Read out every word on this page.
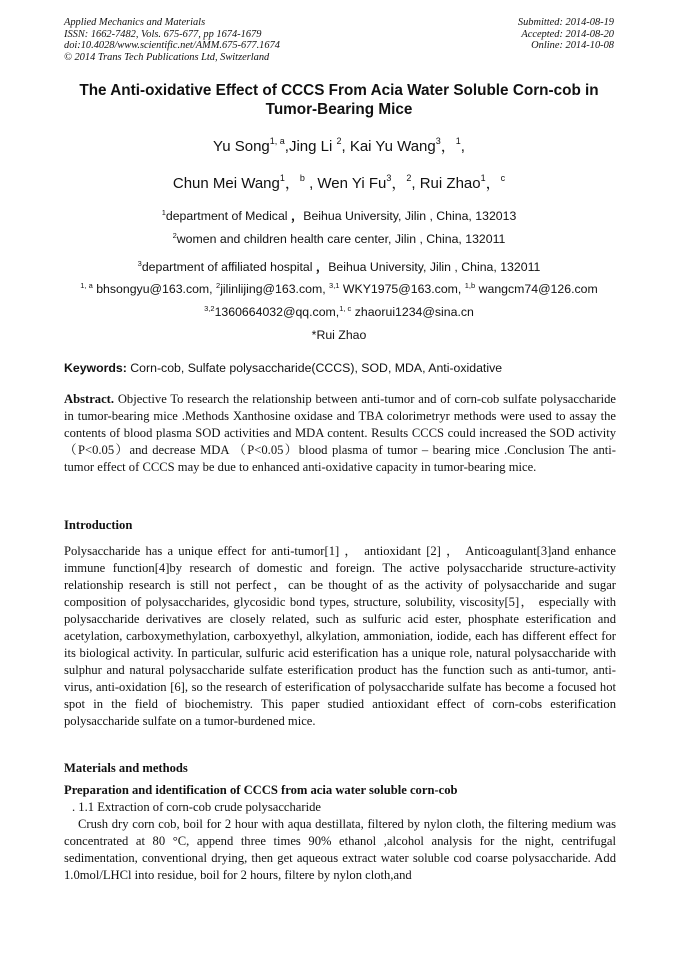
Applied Mechanics and Materials
ISSN: 1662-7482, Vols. 675-677, pp 1674-1679
doi:10.4028/www.scientific.net/AMM.675-677.1674
© 2014 Trans Tech Publications Ltd, Switzerland
Submitted: 2014-08-19
Accepted: 2014-08-20
Online: 2014-10-08
The Anti-oxidative Effect of CCCS From Acia Water Soluble Corn-cob in Tumor-Bearing Mice
Yu Song$^{1, a}$,Jing Li $^2$, Kai Yu Wang$^3$，$^1$,
Chun Mei Wang$^1$，$^b$ , Wen Yi Fu$^3$，$^2$, Rui Zhao$^1$，$^c$
$^1$department of Medical ，Beihua University, Jilin , China, 132013
$^2$women and children health care center, Jilin , China, 132011
$^3$department of affiliated hospital ，Beihua University, Jilin , China, 132011
$^{1, a}$ bhsongyu@163.com, $^2$jilinlijing@163.com, $^{3,1}$ WKY1975@163.com, $^{1,b}$ wangcm74@126.com
$^{3,2}$1360664032@qq.com,$^{1, c}$ zhaorui1234@sina.cn
*Rui Zhao
Keywords: Corn-cob, Sulfate polysaccharide(CCCS), SOD, MDA, Anti-oxidative
Abstract. Objective To research the relationship between anti-tumor and of corn-cob sulfate polysaccharide in tumor-bearing mice .Methods Xanthosine oxidase and TBA colorimetryr methods were used to assay the contents of blood plasma SOD activities and MDA content. Results CCCS could increased the SOD activity （P<0.05）and decrease MDA （P<0.05）blood plasma of tumor – bearing mice .Conclusion The anti-tumor effect of CCCS may be due to enhanced anti-oxidative capacity in tumor-bearing mice.
Introduction
Polysaccharide has a unique effect for anti-tumor[1] ， antioxidant [2] ， Anticoagulant[3]and enhance immune function[4]by research of domestic and foreign. The active polysaccharide structure-activity relationship research is still not perfect，can be thought of as the activity of polysaccharide and sugar composition of polysaccharides, glycosidic bond types, structure, solubility, viscosity[5]， especially with polysaccharide derivatives are closely related, such as sulfuric acid ester, phosphate esterification and acetylation, carboxymethylation, carboxyethyl, alkylation, ammoniation, iodide, each has different effect for its biological activity. In particular, sulfuric acid esterification has a unique role, natural polysaccharide with sulphur and natural polysaccharide sulfate esterification product has the function such as anti-tumor, anti-virus, anti-oxidation [6], so the research of esterification of polysaccharide sulfate has become a focused hot spot in the field of biochemistry. This paper studied antioxidant effect of corn-cobs esterification polysaccharide sulfate on a tumor-burdened mice.
Materials and methods
Preparation and identification of CCCS from acia water soluble corn-cob
. 1.1 Extraction of corn-cob crude polysaccharide
Crush dry corn cob, boil for 2 hour with aqua destillata, filtered by nylon cloth, the filtering medium was concentrated at 80 °C, append three times 90% ethanol ,alcohol analysis for the night, centrifugal sedimentation, conventional drying, then get aqueous extract water soluble cod coarse polysaccharide. Add 1.0mol/LHCl into residue, boil for 2 hours, filtere by nylon cloth,and
